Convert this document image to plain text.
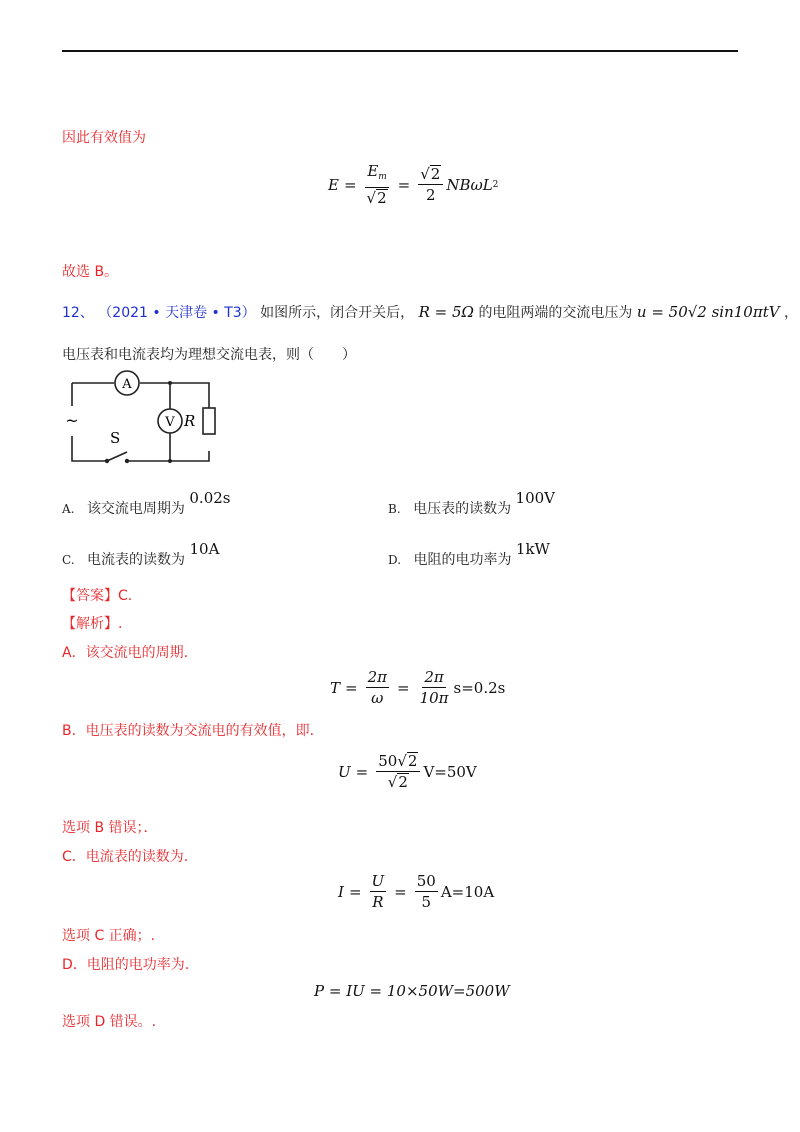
因此有效值为
$E = \frac{E_m}{√ 2} = \frac{√ 2}{2}$ NBωL 2
故选 B。
12、 （2021 • 天津卷 • T3） 如图所示，闭合开关后， R = 5Ω 的电阻两端的交流电压为 u = 50√2 sin10πtV ，
电压表和电流表均为理想交流电表，则（　　）
A
V R
S
~
A. 该交流电周期为 0.02s
B. 电压表的读数为 100V
C. 电流表的读数为 10A
D. 电阻的电功率为 1kW
【答案】C.
【解析】.
A．该交流电的周期.
$T = \frac{2\pi}{\omega} = \frac{2\pi}{10\pi} s=0.2s$
B．电压表的读数为交流电的有效值，即.
$U = \frac{50 √ 2}{√ 2} V=50V$
选项 B 错误；．
C．电流表的读数为.
$I = \frac{U}{R} = \frac{50}{5} A=10A$
选项 C 正确；.
D．电阻的电功率为.
P = IU = 10×50W=500W
选项 D 错误。.
